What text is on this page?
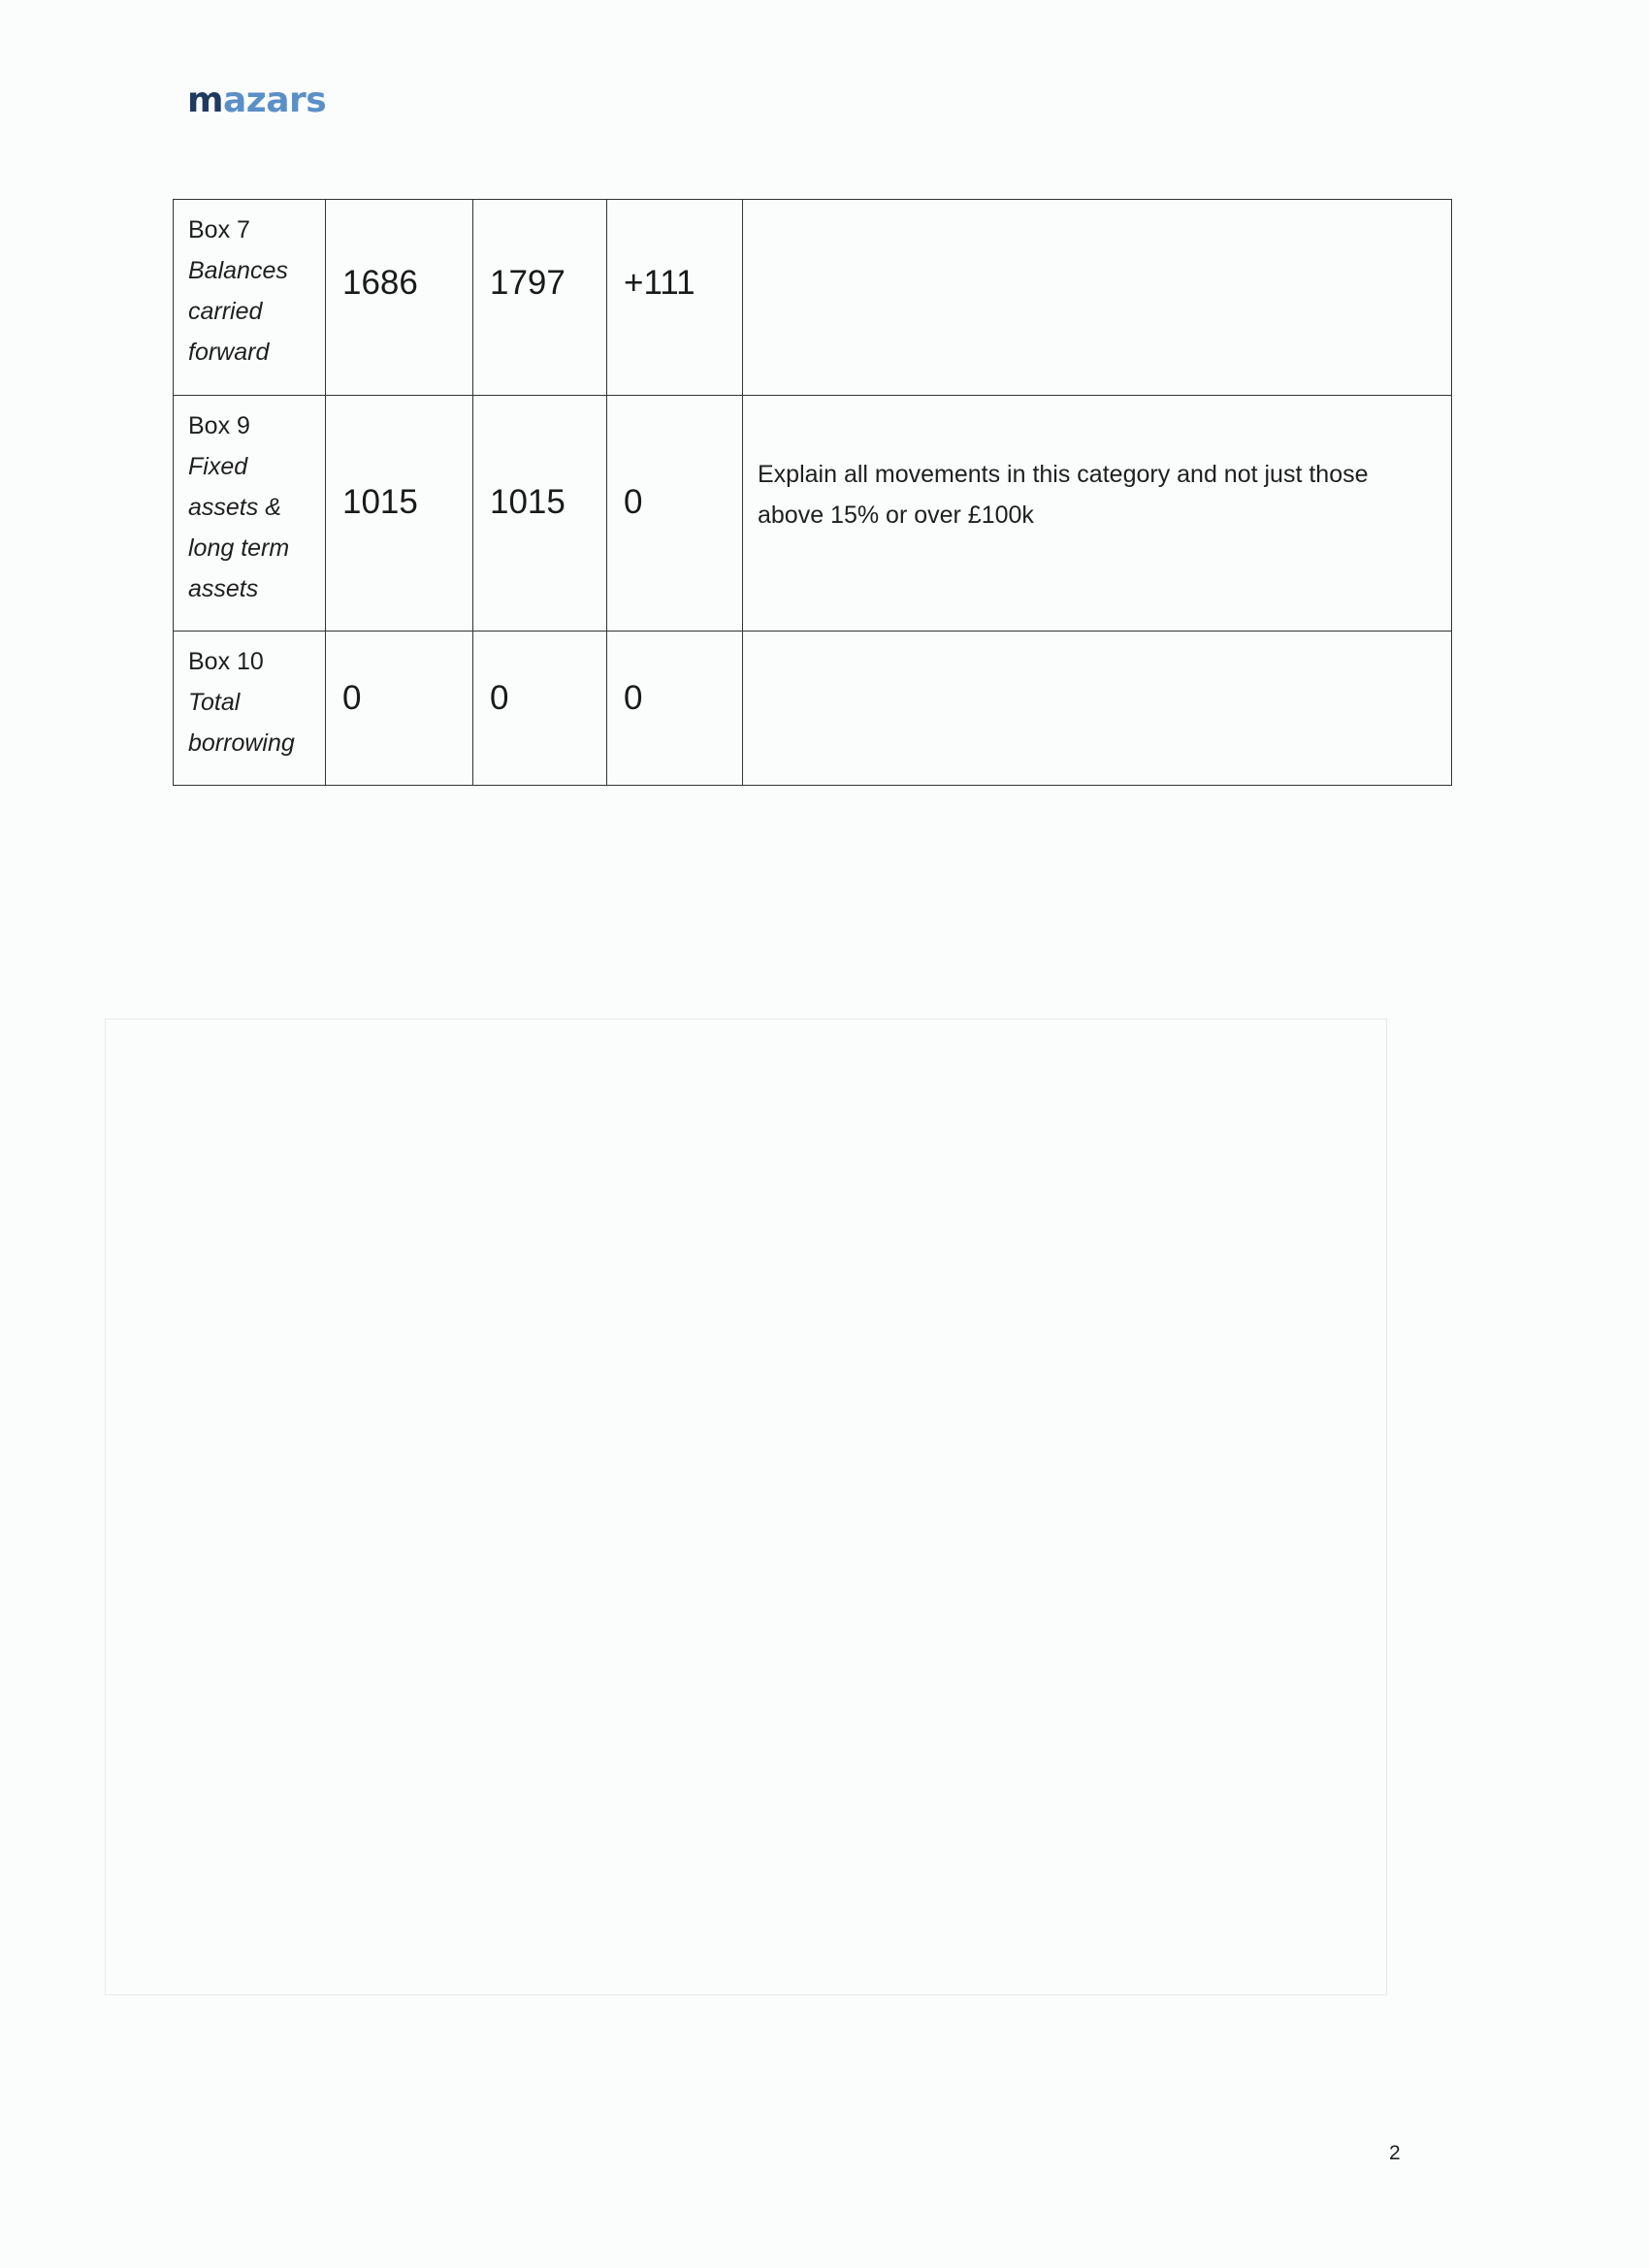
mazars
Box 7
Balances
carried
forward	1686	1797	+111	

Box 9
Fixed
assets &
long term
assets	1015	1015	0	Explain all movements in this category and not just those above 15% or over £100k

Box 10
Total
borrowing	0	0	0	
2
